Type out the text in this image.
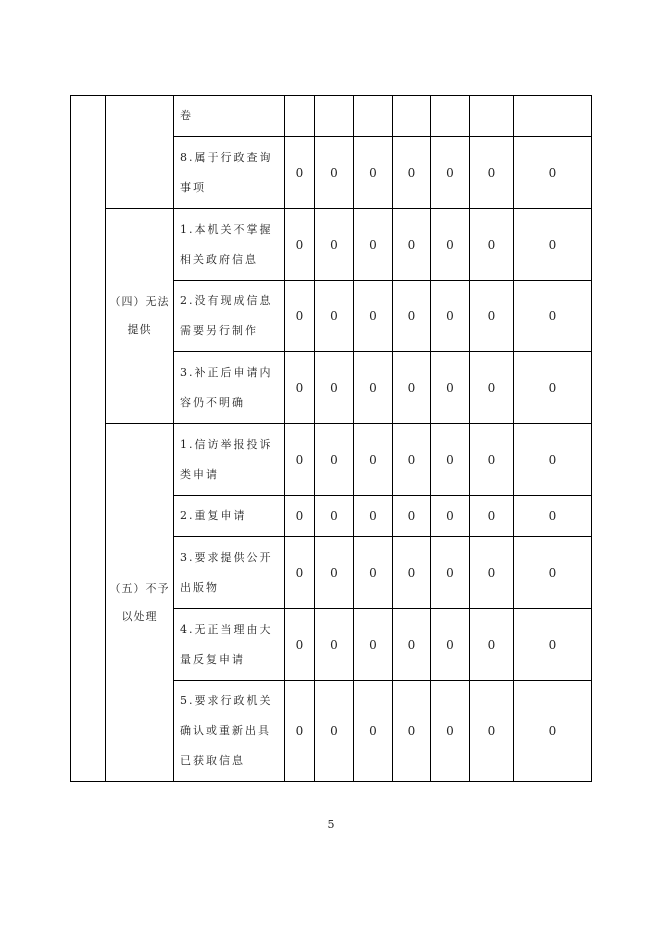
		卷							
		8.属于行政查询事项	0	0	0	0	0	0	0
	（四）无法提供	1.本机关不掌握相关政府信息	0	0	0	0	0	0	0
		2.没有现成信息需要另行制作	0	0	0	0	0	0	0
		3.补正后申请内容仍不明确	0	0	0	0	0	0	0
	（五）不予以处理	1.信访举报投诉类申请	0	0	0	0	0	0	0
		2.重复申请	0	0	0	0	0	0	0
		3.要求提供公开出版物	0	0	0	0	0	0	0
		4.无正当理由大量反复申请	0	0	0	0	0	0	0
		5.要求行政机关确认或重新出具已获取信息	0	0	0	0	0	0	0
5
